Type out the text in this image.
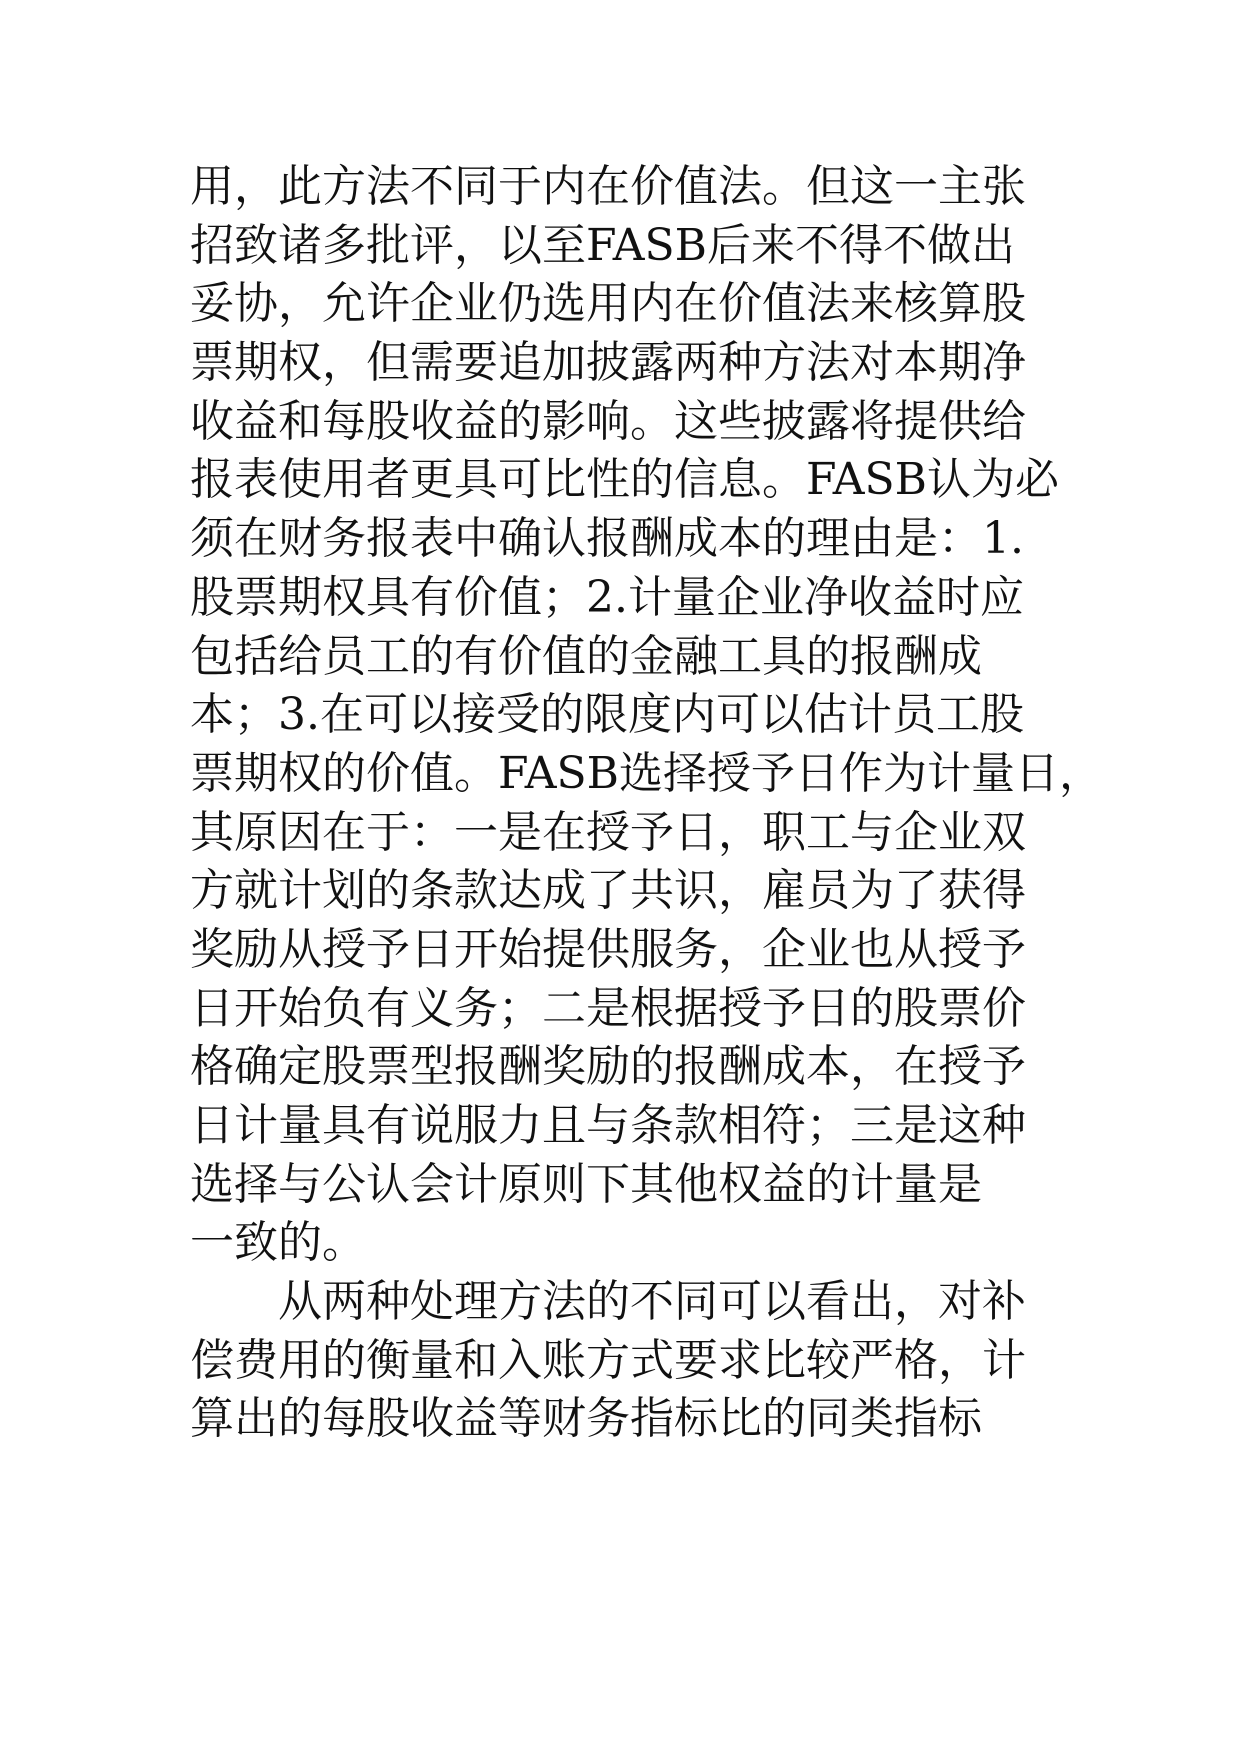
用，此方法不同于内在价值法。但这一主张
招致诸多批评，以至FASB后来不得不做出
妥协，允许企业仍选用内在价值法来核算股
票期权，但需要追加披露两种方法对本期净
收益和每股收益的影响。这些披露将提供给
报表使用者更具可比性的信息。FASB认为必
须在财务报表中确认报酬成本的理由是：1.
股票期权具有价值；2.计量企业净收益时应
包括给员工的有价值的金融工具的报酬成
本；3.在可以接受的限度内可以估计员工股
票期权的价值。FASB选择授予日作为计量日，
其原因在于：一是在授予日，职工与企业双
方就计划的条款达成了共识，雇员为了获得
奖励从授予日开始提供服务，企业也从授予
日开始负有义务；二是根据授予日的股票价
格确定股票型报酬奖励的报酬成本，在授予
日计量具有说服力且与条款相符；三是这种
选择与公认会计原则下其他权益的计量是
一致的。
从两种处理方法的不同可以看出，对补
偿费用的衡量和入账方式要求比较严格，计
算出的每股收益等财务指标比的同类指标
